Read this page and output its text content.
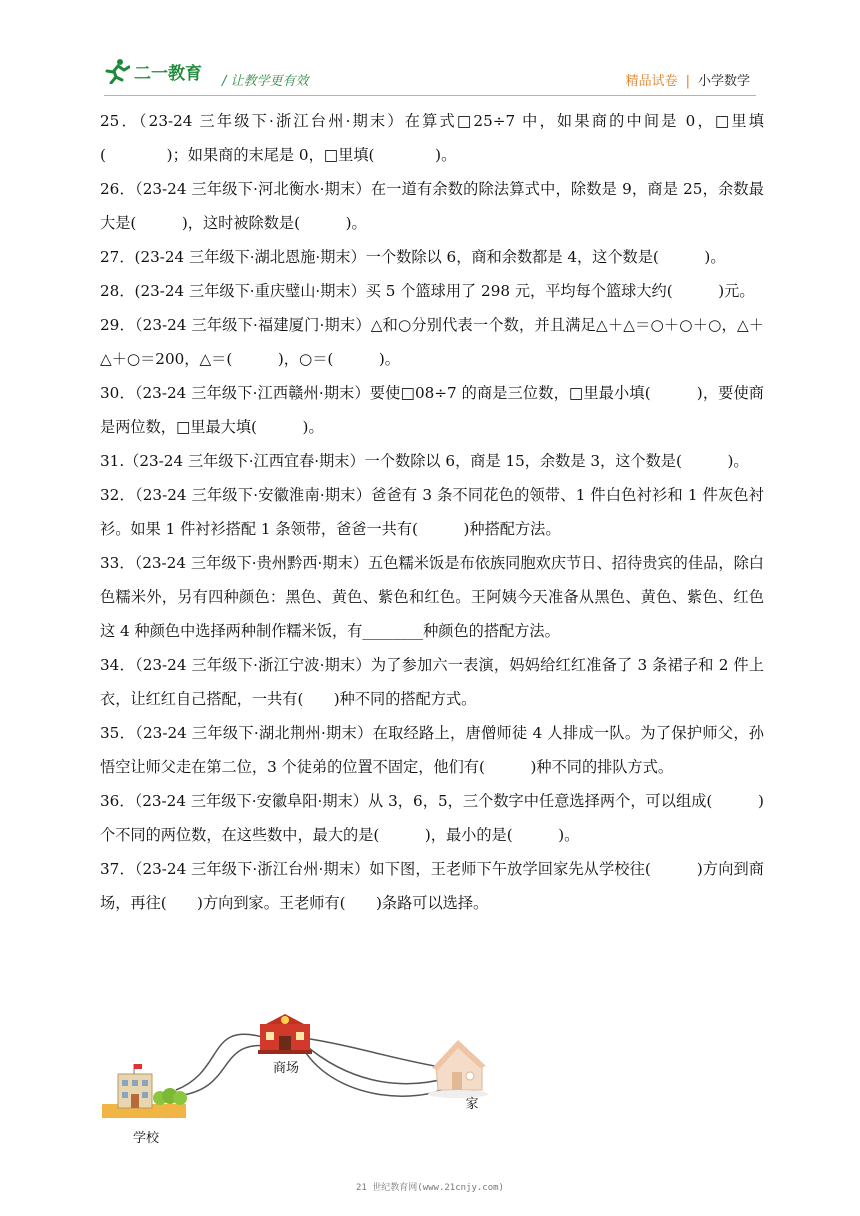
二一教育 / 让教学更有效	精品试卷 | 小学数学

25．（23-24 三年级下·浙江台州·期末）在算式□25÷7 中，如果商的中间是 0，□里填(　　　　)；如果商的末尾是 0，□里填(　　　　)。

26．（23-24 三年级下·河北衡水·期末）在一道有余数的除法算式中，除数是 9，商是 25，余数最大是(　　　)，这时被除数是(　　　)。

27．(23-24 三年级下·湖北恩施·期末）一个数除以 6，商和余数都是 4，这个数是(　　　)。

28．(23-24 三年级下·重庆璧山·期末）买 5 个篮球用了 298 元，平均每个篮球大约(　　　)元。

29．（23-24 三年级下·福建厦门·期末）△和○分别代表一个数，并且满足△＋△＝○＋○＋○，△＋△＋○＝200，△＝(　　　)，○＝(　　　)。

30．（23-24 三年级下·江西赣州·期末）要使□08÷7 的商是三位数，□里最小填(　　　)，要使商是两位数，□里最大填(　　　)。

31.（23-24 三年级下·江西宜春·期末）一个数除以 6，商是 15，余数是 3，这个数是(　　　)。

32．（23-24 三年级下·安徽淮南·期末）爸爸有 3 条不同花色的领带、1 件白色衬衫和 1 件灰色衬衫。如果 1 件衬衫搭配 1 条领带，爸爸一共有(　　　)种搭配方法。

33．（23-24 三年级下·贵州黔西·期末）五色糯米饭是布依族同胞欢庆节日、招待贵宾的佳品，除白色糯米外，另有四种颜色：黑色、黄色、紫色和红色。王阿姨今天准备从黑色、黄色、紫色、红色这 4 种颜色中选择两种制作糯米饭，有________种颜色的搭配方法。

34．（23-24 三年级下·浙江宁波·期末）为了参加六一表演，妈妈给红红准备了 3 条裙子和 2 件上衣，让红红自己搭配，一共有(　　)种不同的搭配方式。

35．（23-24 三年级下·湖北荆州·期末）在取经路上，唐僧师徒 4 人排成一队。为了保护师父，孙悟空让师父走在第二位，3 个徒弟的位置不固定，他们有(　　　)种不同的排队方式。

36．（23-24 三年级下·安徽阜阳·期末）从 3，6，5，三个数字中任意选择两个，可以组成(　　　)个不同的两位数，在这些数中，最大的是(　　　)，最小的是(　　　)。

37．（23-24 三年级下·浙江台州·期末）如下图，王老师下午放学回家先从学校往(　　　)方向到商场，再往(　　)方向到家。王老师有(　　)条路可以选择。

学校
商场
家
21 世纪教育网(www.21cnjy.com)
